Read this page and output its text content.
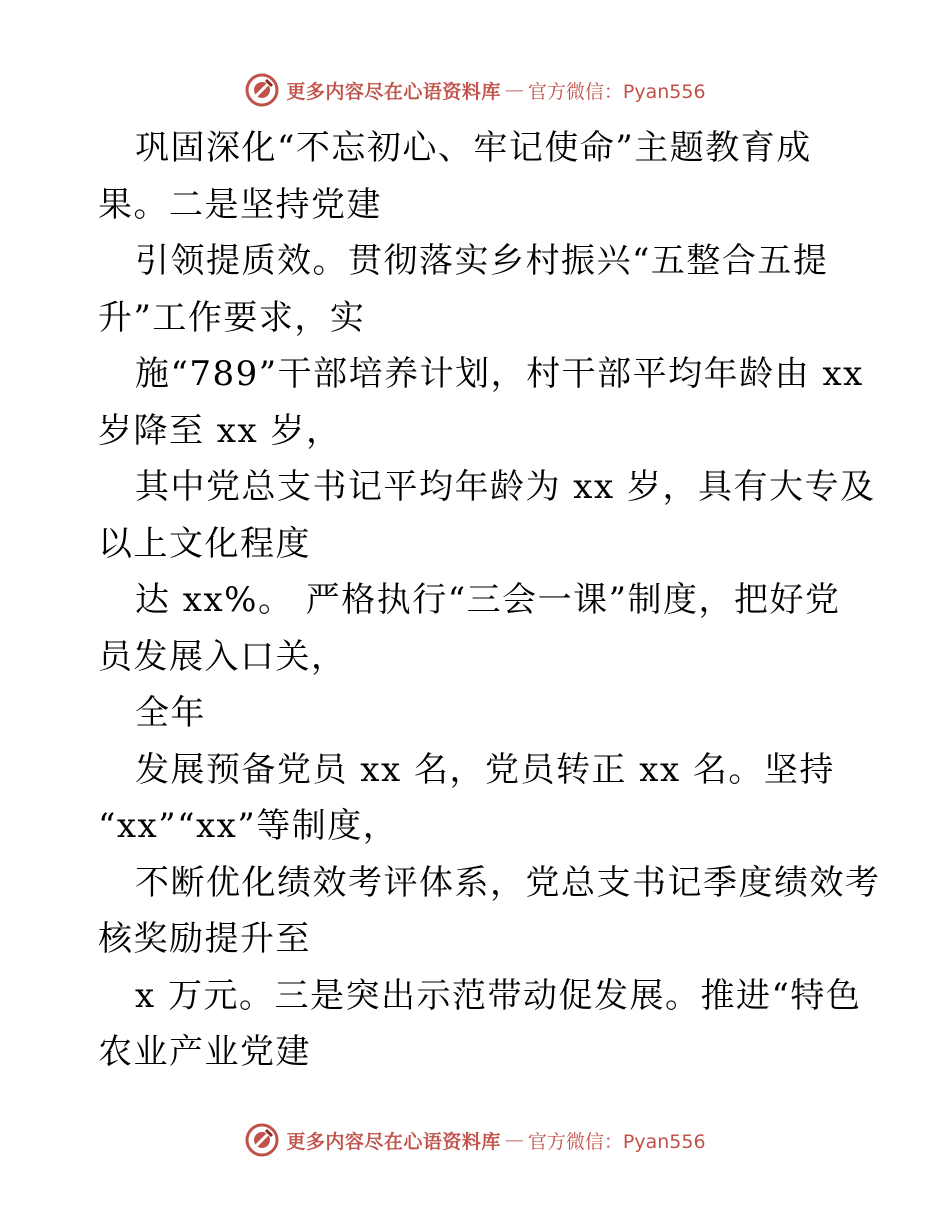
更多内容尽在心语资料库 — 官方微信：Pyan556
巩固深化“不忘初心、牢记使命”主题教育成
果。二是坚持党建
引领提质效。贯彻落实乡村振兴“五整合五提
升”工作要求，实
施“789”干部培养计划，村干部平均年龄由 xx
岁降至 xx 岁，
其中党总支书记平均年龄为 xx 岁，具有大专及
以上文化程度
达 xx%。 严格执行“三会一课”制度，把好党
员发展入口关，
全年
发展预备党员 xx 名，党员转正 xx 名。坚持
“xx”“xx”等制度，
不断优化绩效考评体系，党总支书记季度绩效考
核奖励提升至
x 万元。三是突出示范带动促发展。推进“特色
农业产业党建
更多内容尽在心语资料库 — 官方微信：Pyan556
